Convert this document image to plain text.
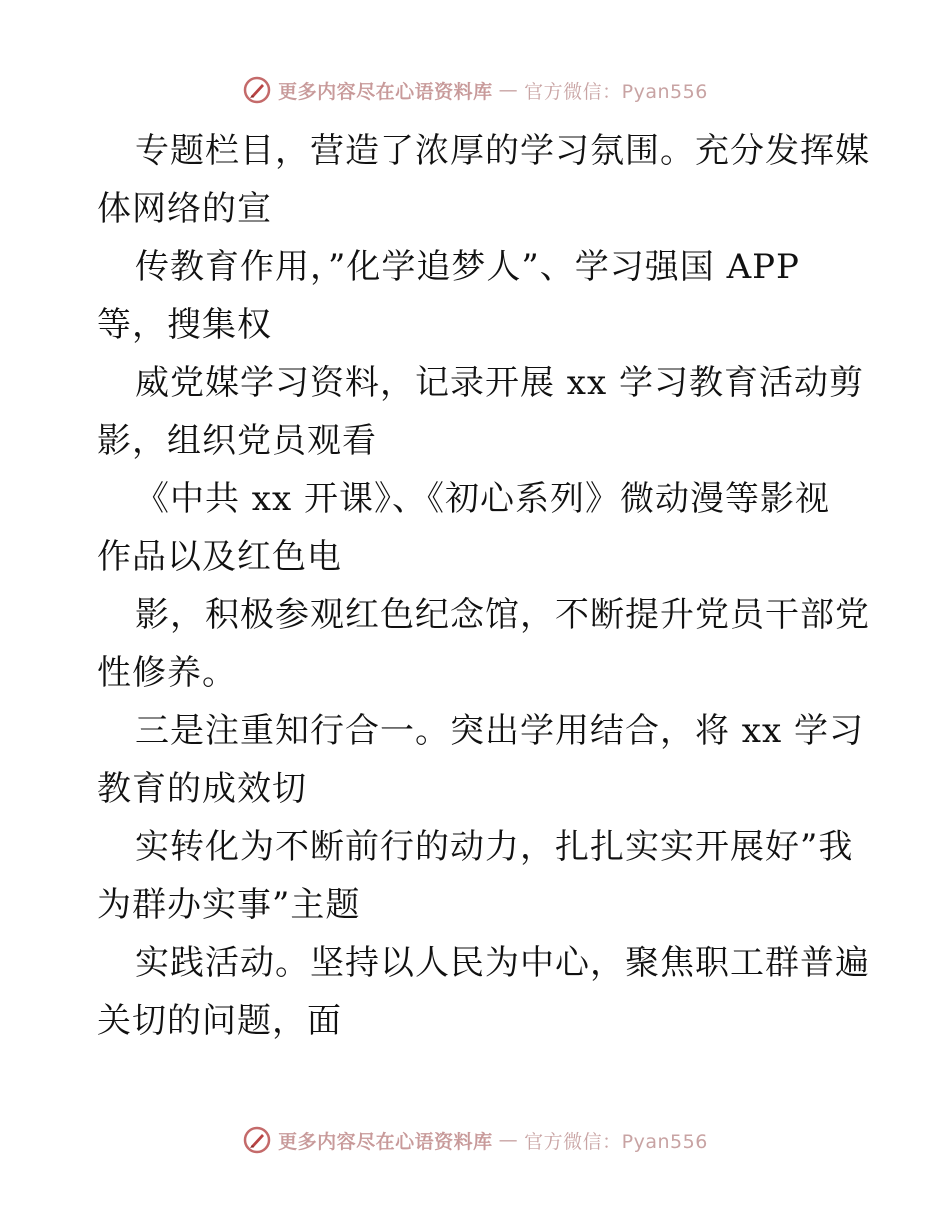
更多内容尽在心语资料库 — 官方微信：Pyan556
专题栏目，营造了浓厚的学习氛围。充分发挥媒
体网络的宣
传教育作用，”化学追梦人”、学习强国 APP
等，搜集权
威党媒学习资料，记录开展 xx 学习教育活动剪
影，组织党员观看
《中共 xx 开课》、《初心系列》微动漫等影视
作品以及红色电
影，积极参观红色纪念馆，不断提升党员干部党
性修养。
三是注重知行合一。突出学用结合，将 xx 学习
教育的成效切
实转化为不断前行的动力，扎扎实实开展好”我
为群办实事”主题
实践活动。坚持以人民为中心，聚焦职工群普遍
关切的问题，面
更多内容尽在心语资料库 — 官方微信：Pyan556
